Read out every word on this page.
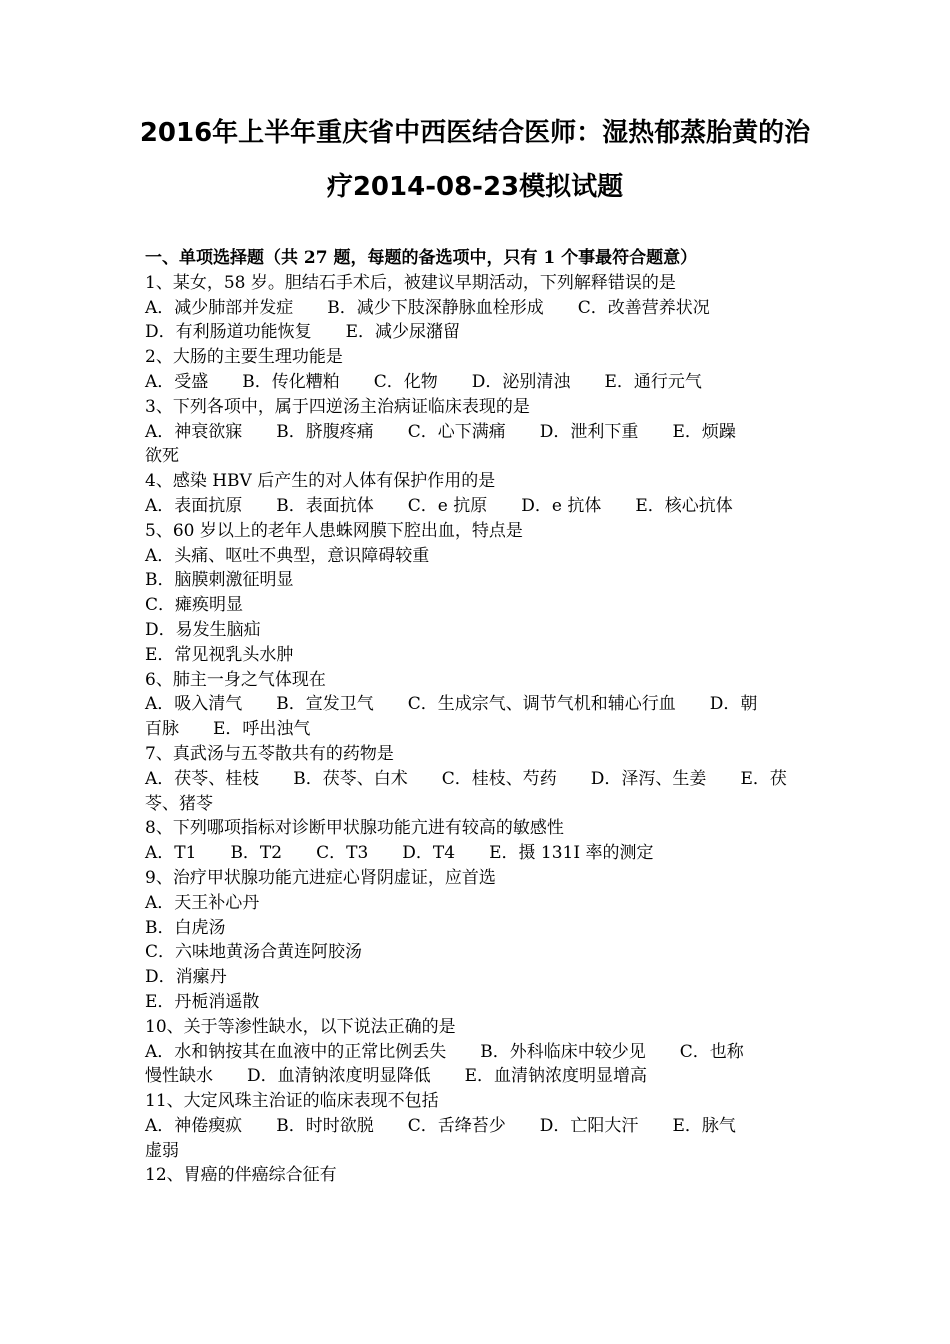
2016年上半年重庆省中西医结合医师：湿热郁蒸胎黄的治
疗2014-08-23模拟试题
一、单项选择题（共 27 题，每题的备选项中，只有 1 个事最符合题意）
1、某女，58 岁。胆结石手术后，被建议早期活动，下列解释错误的是
A．减少肺部并发症 B．减少下肢深静脉血栓形成 C．改善营养状况
D．有利肠道功能恢复 E．减少尿潴留
2、大肠的主要生理功能是
A．受盛 B．传化糟粕 C．化物 D．泌别清浊 E．通行元气
3、下列各项中，属于四逆汤主治病证临床表现的是
A．神衰欲寐 B．脐腹疼痛 C．心下满痛 D．泄利下重 E．烦躁
欲死
4、感染 HBV 后产生的对人体有保护作用的是
A．表面抗原 B．表面抗体 C．e 抗原 D．e 抗体 E．核心抗体
5、60 岁以上的老年人患蛛网膜下腔出血，特点是
A．头痛、呕吐不典型，意识障碍较重
B．脑膜刺激征明显
C．瘫痪明显
D．易发生脑疝
E．常见视乳头水肿
6、肺主一身之气体现在
A．吸入清气 B．宣发卫气 C．生成宗气、调节气机和辅心行血 D．朝
百脉 E．呼出浊气
7、真武汤与五苓散共有的药物是
A．茯苓、桂枝 B．茯苓、白术 C．桂枝、芍药 D．泽泻、生姜 E．茯
苓、猪苓
8、下列哪项指标对诊断甲状腺功能亢进有较高的敏感性
A．T1 B．T2 C．T3 D．T4 E．摄 131I 率的测定
9、治疗甲状腺功能亢进症心肾阴虚证，应首选
A．天王补心丹
B．白虎汤
C．六味地黄汤合黄连阿胶汤
D．消瘰丹
E．丹栀消遥散
10、关于等渗性缺水，以下说法正确的是
A．水和钠按其在血液中的正常比例丢失 B．外科临床中较少见 C．也称
慢性缺水 D．血清钠浓度明显降低 E．血清钠浓度明显增高
11、大定风珠主治证的临床表现不包括
A．神倦瘈疭 B．时时欲脱 C．舌绛苔少 D．亡阳大汗 E．脉气
虚弱
12、胃癌的伴癌综合征有
